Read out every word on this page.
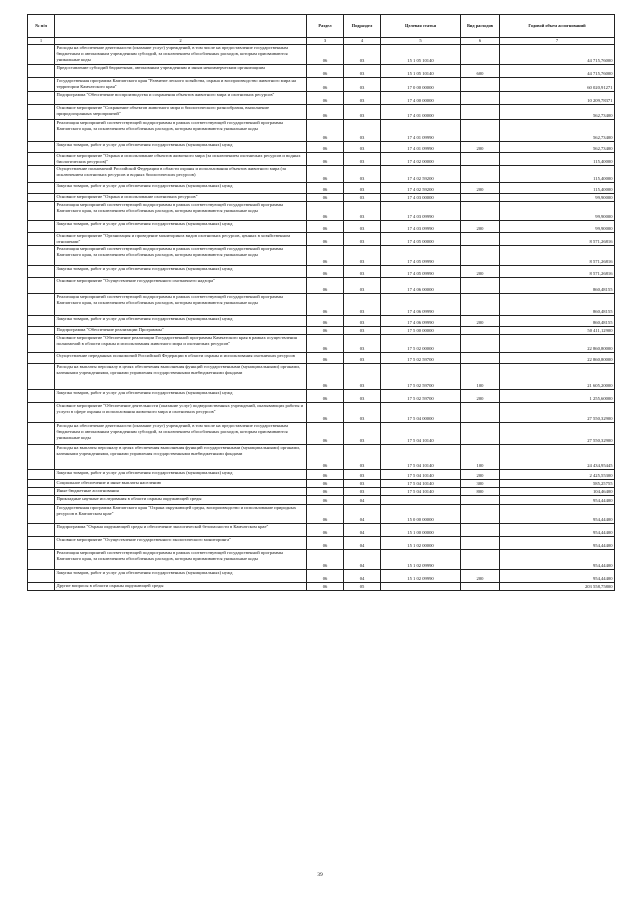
№ п/п		Раздел	Подраздел	Целевая статья	Вид расходов	Годовой объем ассигнований
1	2	3	4	5	6	7
	Расходы на обеспечение деятельности (оказание услуг) учреждений, в том числе на предоставление государственным бюджетным и автономным учреждениям субсидий, за исключением обособленных расходов, которым присваиваются уникальные коды	06	03	15 1 05 10140		44 715,76000
	Предоставление субсидий бюджетным, автономным учреждениям и иным некоммерческим организациям	06	03	15 1 05 10140	600	44 715,76000
	Государственная программа Камчатского края "Развитие лесного хозяйства, охрана и воспроизводство животного мира на территории Камчатского края"	06	03	17 0 00 00000		60 020,91271
	Подпрограмма "Обеспечение воспроизводства и сохранения объектов животного мира и охотничьих ресурсов"	06	03	17 4 00 00000		10 209,78371
	Основное мероприятие "Сохранение объектов животного мира и биологического разнообразия, выполнение природоохранных мероприятий"	06	03	17 4 01 00000		562,73400
	Реализация мероприятий соответствующей подпрограммы в рамках соответствующей государственной программы Камчатского края, за исключением обособленных расходов, которым присваиваются уникальные коды	06	03	17 4 01 09990		562,73400
	Закупка товаров, работ и услуг для обеспечения государственных (муниципальных) нужд	06	03	17 4 01 09990	200	562,73400
	Основное мероприятие "Охрана и использование объектов животного мира (за исключением охотничьих ресурсов и водных биологических ресурсов)"	06	03	17 4 02 00000		115,40000
	Осуществление полномочий Российской Федерации в области охраны и использования объектов животного мира (за исключением охотничьих ресурсов и водных биологических ресурсов)	06	03	17 4 02 59200		115,40000
	Закупка товаров, работ и услуг для обеспечения государственных (муниципальных) нужд	06	03	17 4 02 59200	200	115,40000
	Основное мероприятие "Охрана и использование охотничьих ресурсов"	06	03	17 4 03 00000		99,90000
	Реализация мероприятий соответствующей подпрограммы в рамках соответствующей государственной программы Камчатского края, за исключением обособленных расходов, которым присваиваются уникальные коды	06	03	17 4 03 09990		99,90000
	Закупка товаров, работ и услуг для обеспечения государственных (муниципальных) нужд	06	03	17 4 03 09990	200	99,90000
	Основное мероприятие "Организация и проведение мониторинга видов охотничьих ресурсов, ценных в хозяйственном отношении"	06	03	17 4 05 00000		8 571,26816
	Реализация мероприятий соответствующей подпрограммы в рамках соответствующей государственной программы Камчатского края, за исключением обособленных расходов, которым присваиваются уникальные коды	06	03	17 4 05 09990		8 571,26816
	Закупка товаров, работ и услуг для обеспечения государственных (муниципальных) нужд	06	03	17 4 05 09990	200	8 571,26816
	Основное мероприятие "Осуществление государственного охотничьего надзора"	06	03	17 4 06 00000		860,48155
	Реализация мероприятий соответствующей подпрограммы в рамках соответствующей государственной программы Камчатского края, за исключением обособленных расходов, которым присваиваются уникальные коды	06	03	17 4 06 09990		860,48155
	Закупка товаров, работ и услуг для обеспечения государственных (муниципальных) нужд	06	03	17 4 06 09990	200	860,48155
	Подпрограмма "Обеспечение реализации Программы"	06	03	17 5 00 00000		50 411,12900
	Основное мероприятие "Обеспечение реализации Государственной программы Камчатского края в рамках осуществления полномочий в области охраны и использования животного мира и охотничьих ресурсов"	06	03	17 5 02 00000		22 860,80000
	Осуществление переданных полномочий Российской Федерации в области охраны и использования охотничьих ресурсов	06	03	17 5 02 59700		22 860,80000
	Расходы на выплаты персоналу в целях обеспечения выполнения функций государственными (муниципальными) органами, казенными учреждениями, органами управления государственными внебюджетными фондами	06	03	17 5 02 59700	100	21 605,20000
	Закупка товаров, работ и услуг для обеспечения государственных (муниципальных) нужд	06	03	17 5 02 59700	200	1 255,60000
	Основное мероприятие "Обеспечение деятельности (оказание услуг) подведомственных учреждений, оказывающих работы и услуги в сфере охраны и использования животного мира и охотничьих ресурсов"	06	03	17 5 04 00000		27 550,32900
	Расходы на обеспечение деятельности (оказание услуг) учреждений, в том числе на предоставление государственным бюджетным и автономным учреждениям субсидий, за исключением обособленных расходов, которым присваиваются уникальные коды	06	03	17 5 04 10140		27 550,32900
	Расходы на выплаты персоналу в целях обеспечения выполнения функций государственными (муниципальными) органами, казенными учреждениями, органами управления государственными внебюджетными фондами	06	03	17 5 04 10140	100	24 434,95445
	Закупка товаров, работ и услуг для обеспечения государственных (муниципальных) нужд	06	03	17 5 04 10140	200	2 425,55300
	Социальное обеспечение и иные выплаты населению	06	03	17 5 04 10140	300	585,25755
	Иные бюджетные ассигнования	06	03	17 5 04 10140	800	104,46400
	Прикладные научные исследования в области охраны окружающей среды	06	04			954,44400
	Государственная программа Камчатского края "Охрана окружающей среды, воспроизводство и использование природных ресурсов в Камчатском крае"	06	04	15 0 00 00000		954,44400
	Подпрограмма "Охрана окружающей среды и обеспечение экологической безопасности в Камчатском крае"	06	04	15 1 00 00000		954,44400
	Основное мероприятие "Осуществление государственного экологического мониторинга"	06	04	15 1 02 00000		954,44400
	Реализация мероприятий соответствующей подпрограммы в рамках соответствующей государственной программы Камчатского края, за исключением обособленных расходов, которым присваиваются уникальные коды	06	04	15 1 02 09990		954,44400
	Закупка товаров, работ и услуг для обеспечения государственных (муниципальных) нужд	06	04	15 1 02 09990	200	954,44400
	Другие вопросы в области охраны окружающей среды	06	05			203 558,75800
39
